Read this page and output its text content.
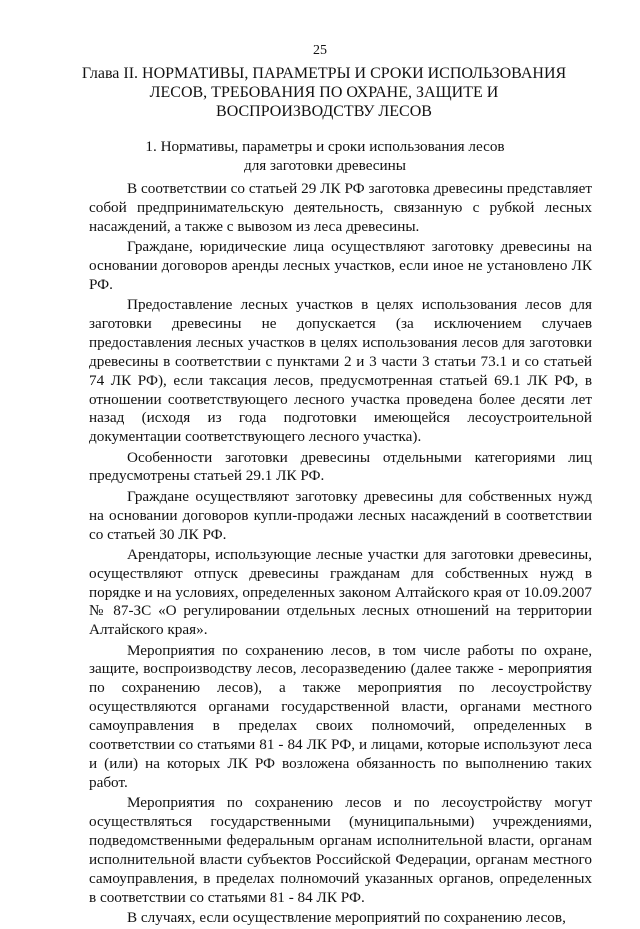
25
Глава II. НОРМАТИВЫ, ПАРАМЕТРЫ И СРОКИ ИСПОЛЬЗОВАНИЯ ЛЕСОВ, ТРЕБОВАНИЯ ПО ОХРАНЕ, ЗАЩИТЕ И ВОСПРОИЗВОДСТВУ ЛЕСОВ
1. Нормативы, параметры и сроки использования лесов
для заготовки древесины

В соответствии со статьей 29 ЛК РФ заготовка древесины представляет собой предпринимательскую деятельность, связанную с рубкой лесных насаждений, а также с вывозом из леса древесины.

Граждане, юридические лица осуществляют заготовку древесины на основании договоров аренды лесных участков, если иное не установлено ЛК РФ.

Предоставление лесных участков в целях использования лесов для заготовки древесины не допускается (за исключением случаев предоставления лесных участков в целях использования лесов для заготовки древесины в соответствии с пунктами 2 и 3 части 3 статьи 73.1 и со статьей 74 ЛК РФ), если таксация лесов, предусмотренная статьей 69.1 ЛК РФ, в отношении соответствующего лесного участка проведена более десяти лет назад (исходя из года подготовки имеющейся лесоустроительной документации соответствующего лесного участка).

Особенности заготовки древесины отдельными категориями лиц предусмотрены статьей 29.1 ЛК РФ.

Граждане осуществляют заготовку древесины для собственных нужд на основании договоров купли-продажи лесных насаждений в соответствии со статьей 30 ЛК РФ.

Арендаторы, использующие лесные участки для заготовки древесины, осуществляют отпуск древесины гражданам для собственных нужд в порядке и на условиях, определенных законом Алтайского края от 10.09.2007 № 87-ЗС «О регулировании отдельных лесных отношений на территории Алтайского края».

Мероприятия по сохранению лесов, в том числе работы по охране, защите, воспроизводству лесов, лесоразведению (далее также - мероприятия по сохранению лесов), а также мероприятия по лесоустройству осуществляются органами государственной власти, органами местного самоуправления в пределах своих полномочий, определенных в соответствии со статьями 81 - 84 ЛК РФ, и лицами, которые используют леса и (или) на которых ЛК РФ возложена обязанность по выполнению таких работ.

Мероприятия по сохранению лесов и по лесоустройству могут осуществляться государственными (муниципальными) учреждениями, подведомственными федеральным органам исполнительной власти, органам исполнительной власти субъектов Российской Федерации, органам местного самоуправления, в пределах полномочий указанных органов, определенных в соответствии со статьями 81 - 84 ЛК РФ.

В случаях, если осуществление мероприятий по сохранению лесов,
